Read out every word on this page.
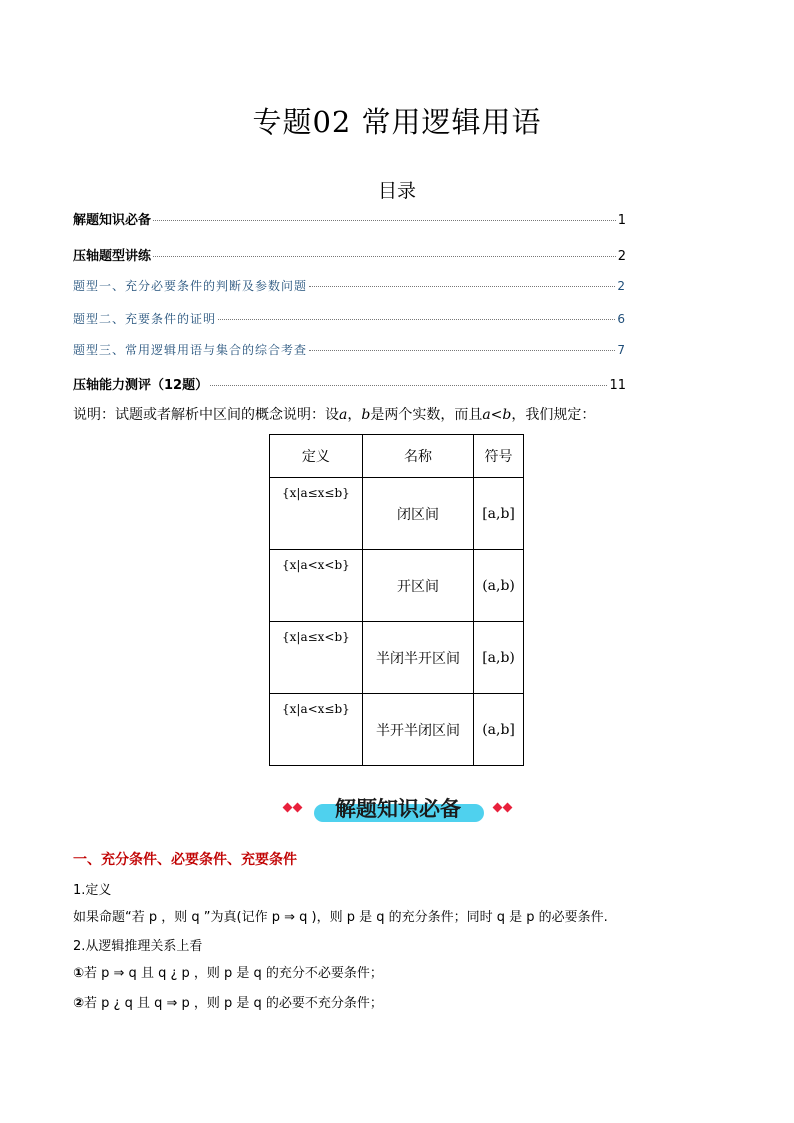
专题02 常用逻辑用语
目录
解题知识必备	1
压轴题型讲练	2
题型一、充分必要条件的判断及参数问题	2
题型二、充要条件的证明	6
题型三、常用逻辑用语与集合的综合考查	7
压轴能力测评（12题）	11
说明：试题或者解析中区间的概念说明：设a，b是两个实数，而且a<b，我们规定：
定义	名称	符号
{x|a≤x≤b}	闭区间	[a,b]
{x|a<x<b}	开区间	(a,b)
{x|a≤x<b}	半闭半开区间	[a,b)
{x|a<x≤b}	半开半闭区间	(a,b]
解题知识必备
一、充分条件、必要条件、充要条件
1.定义
如果命题“若 p ，则 q ”为真(记作 p ⇒ q )，则 p 是 q 的充分条件；同时 q 是 p 的必要条件.
2.从逻辑推理关系上看
①若 p ⇒ q 且 q ¿ p ，则 p 是 q 的充分不必要条件；
②若 p ¿ q 且 q ⇒ p ，则 p 是 q 的必要不充分条件；
